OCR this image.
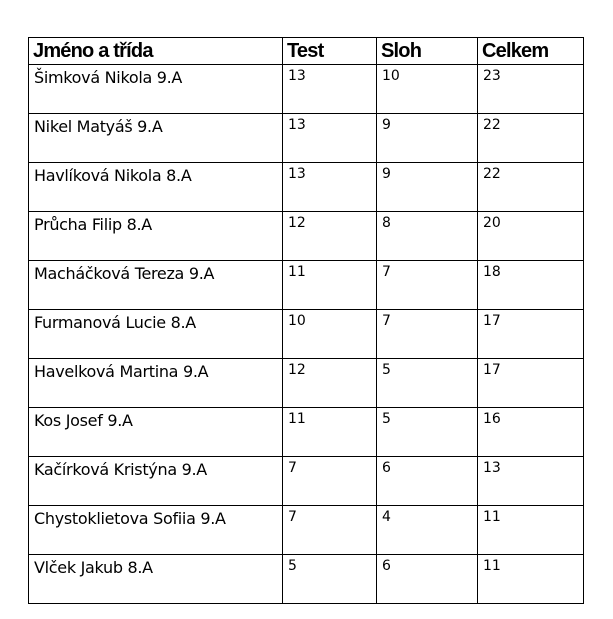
Jméno a třída	Test	Sloh	Celkem
Šimková Nikola 9.A	13	10	23
Nikel Matyáš 9.A	13	9	22
Havlíková Nikola 8.A	13	9	22
Průcha Filip 8.A	12	8	20
Macháčková Tereza 9.A	11	7	18
Furmanová Lucie 8.A	10	7	17
Havelková Martina 9.A	12	5	17
Kos Josef 9.A	11	5	16
Kačírková Kristýna 9.A	7	6	13
Chystoklietova Sofiia 9.A	7	4	11
Vlček Jakub 8.A	5	6	11
